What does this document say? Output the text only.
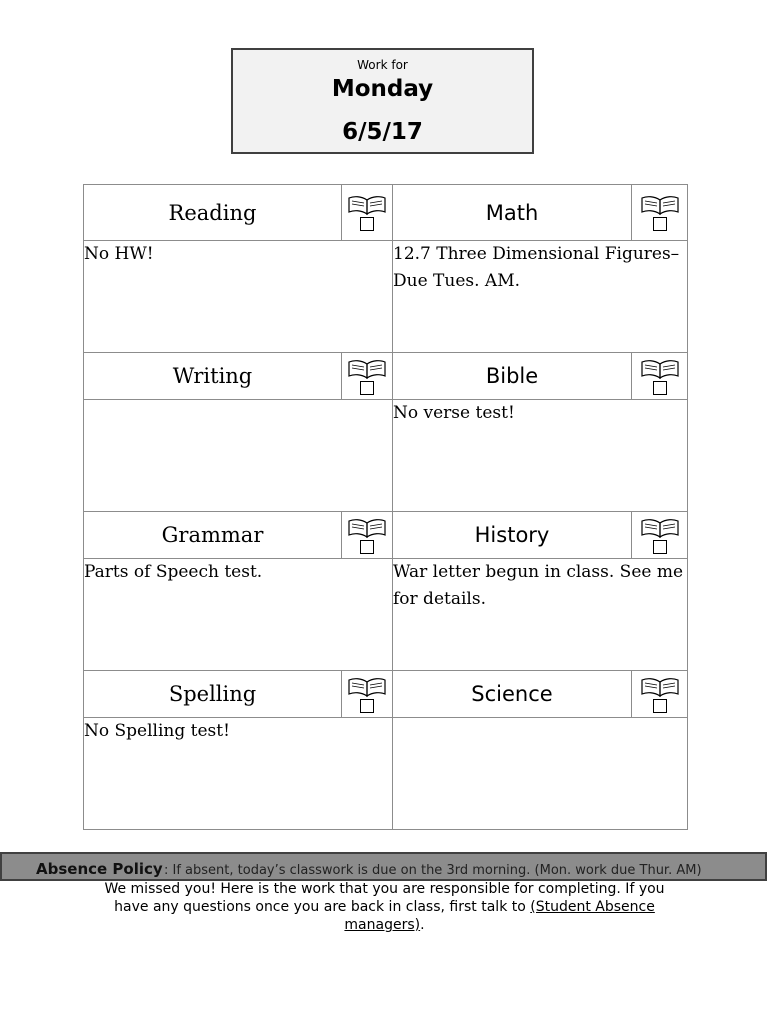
Work for
Monday
6/5/17
Reading		Math	

No HW!		12.7 Three Dimensional Figures–Due Tues. AM.	
Writing		Bible	

		No verse test!	
Grammar		History	

Parts of Speech test.		War letter begun in class. See me for details.	
Spelling		Science	

No Spelling test!			
Absence Policy : If absent, today’s classwork is due on the 3rd morning. (Mon. work due Thur. AM)
We missed you! Here is the work that you are responsible for completing. If you have any questions once you are back in class, first talk to (Student Absence managers).
